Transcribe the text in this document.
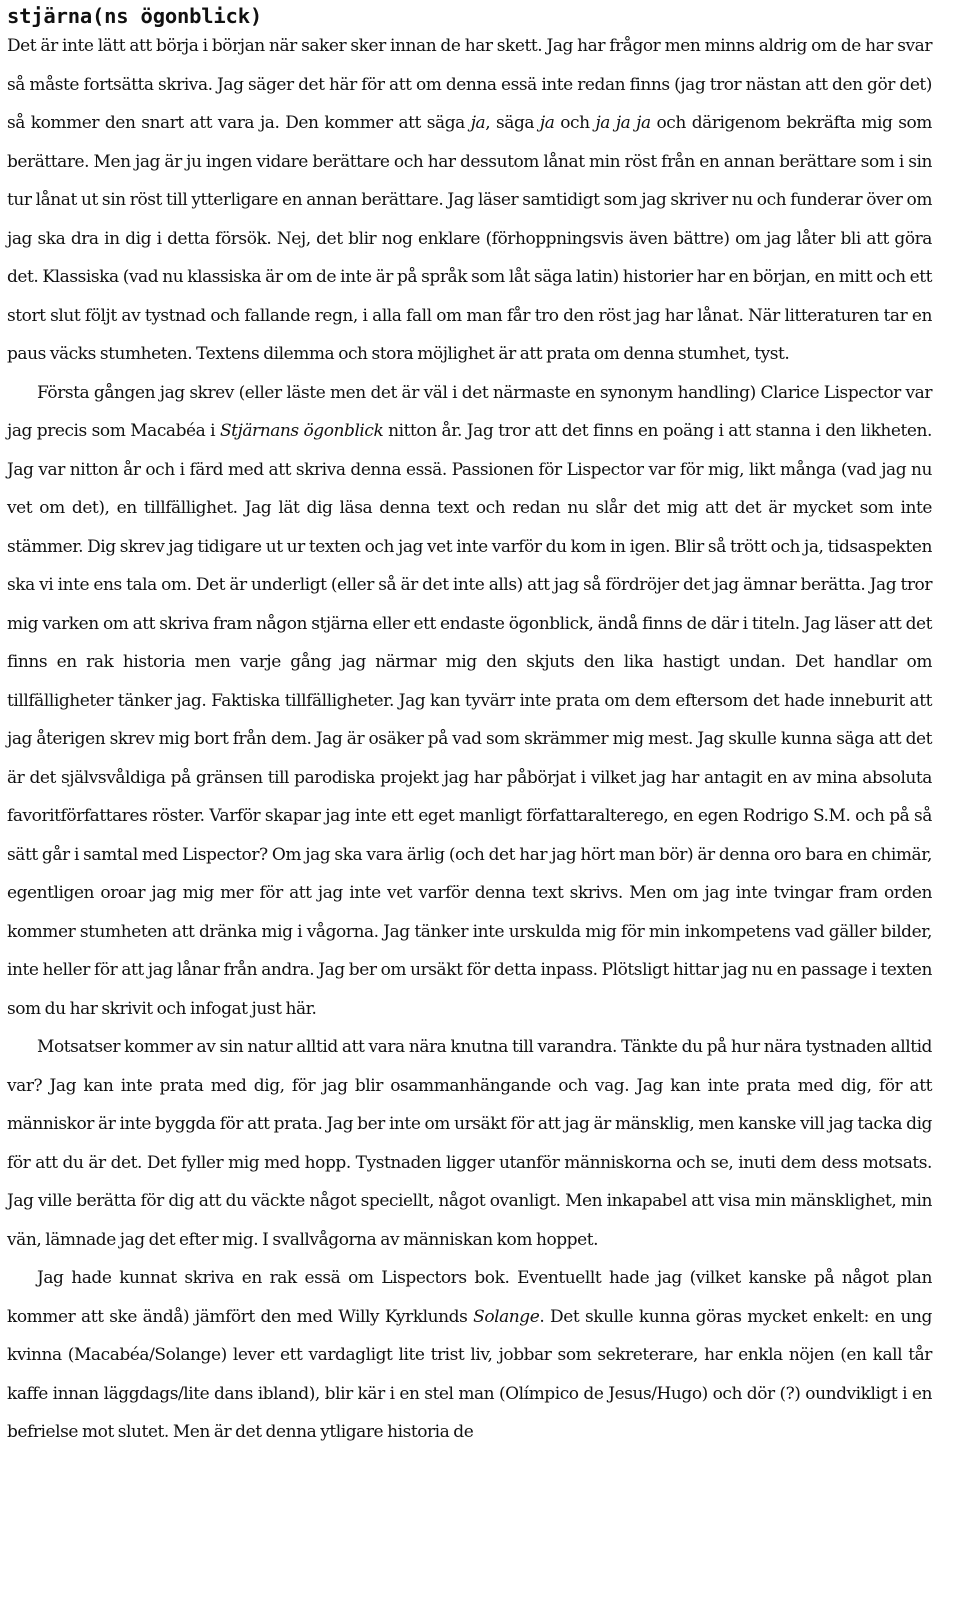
stjärna(ns ögonblick)

Det är inte lätt att börja i början när saker sker innan de har skett. Jag har frågor men minns aldrig om de har svar så måste fortsätta skriva. Jag säger det här för att om denna essä inte redan finns (jag tror nästan att den gör det) så kommer den snart att vara ja. Den kommer att säga ja, säga ja och ja ja ja och därigenom bekräfta mig som berättare. Men jag är ju ingen vidare berättare och har dessutom lånat min röst från en annan berättare som i sin tur lånat ut sin röst till ytterligare en annan berättare. Jag läser samtidigt som jag skriver nu och funderar över om jag ska dra in dig i detta försök. Nej, det blir nog enklare (förhoppningsvis även bättre) om jag låter bli att göra det. Klassiska (vad nu klassiska är om de inte är på språk som låt säga latin) historier har en början, en mitt och ett stort slut följt av tystnad och fallande regn, i alla fall om man får tro den röst jag har lånat. När litteraturen tar en paus väcks stumheten. Textens dilemma och stora möjlighet är att prata om denna stumhet, tyst.

Första gången jag skrev (eller läste men det är väl i det närmaste en synonym handling) Clarice Lispector var jag precis som Macabéa i Stjärnans ögonblick nitton år. Jag tror att det finns en poäng i att stanna i den likheten. Jag var nitton år och i färd med att skriva denna essä. Passionen för Lispector var för mig, likt många (vad jag nu vet om det), en tillfällighet. Jag lät dig läsa denna text och redan nu slår det mig att det är mycket som inte stämmer. Dig skrev jag tidigare ut ur texten och jag vet inte varför du kom in igen. Blir så trött och ja, tidsaspekten ska vi inte ens tala om. Det är underligt (eller så är det inte alls) att jag så fördröjer det jag ämnar berätta. Jag tror mig varken om att skriva fram någon stjärna eller ett endaste ögonblick, ändå finns de där i titeln. Jag läser att det finns en rak historia men varje gång jag närmar mig den skjuts den lika hastigt undan. Det handlar om tillfälligheter tänker jag. Faktiska tillfälligheter. Jag kan tyvärr inte prata om dem eftersom det hade inneburit att jag återigen skrev mig bort från dem. Jag är osäker på vad som skrämmer mig mest. Jag skulle kunna säga att det är det självsvåldiga på gränsen till parodiska projekt jag har påbörjat i vilket jag har antagit en av mina absoluta favoritförfattares röster. Varför skapar jag inte ett eget manligt författaralterego, en egen Rodrigo S.M. och på så sätt går i samtal med Lispector? Om jag ska vara ärlig (och det har jag hört man bör) är denna oro bara en chimär, egentligen oroar jag mig mer för att jag inte vet varför denna text skrivs. Men om jag inte tvingar fram orden kommer stumheten att dränka mig i vågorna. Jag tänker inte urskulda mig för min inkompetens vad gäller bilder, inte heller för att jag lånar från andra. Jag ber om ursäkt för detta inpass. Plötsligt hittar jag nu en passage i texten som du har skrivit och infogat just här.

Motsatser kommer av sin natur alltid att vara nära knutna till varandra. Tänkte du på hur nära tystnaden alltid var? Jag kan inte prata med dig, för jag blir osammanhängande och vag. Jag kan inte prata med dig, för att människor är inte byggda för att prata. Jag ber inte om ursäkt för att jag är mänsklig, men kanske vill jag tacka dig för att du är det. Det fyller mig med hopp. Tystnaden ligger utanför människorna och se, inuti dem dess motsats. Jag ville berätta för dig att du väckte något speciellt, något ovanligt. Men inkapabel att visa min mänsklighet, min vän, lämnade jag det efter mig. I svallvågorna av människan kom hoppet.

Jag hade kunnat skriva en rak essä om Lispectors bok. Eventuellt hade jag (vilket kanske på något plan kommer att ske ändå) jämfört den med Willy Kyrklunds Solange. Det skulle kunna göras mycket enkelt: en ung kvinna (Macabéa/Solange) lever ett vardagligt lite trist liv, jobbar som sekreterare, har enkla nöjen (en kall tår kaffe innan läggdags/lite dans ibland), blir kär i en stel man (Olímpico de Jesus/Hugo) och dör (?) oundvikligt i en befrielse mot slutet. Men är det denna ytligare historia de
